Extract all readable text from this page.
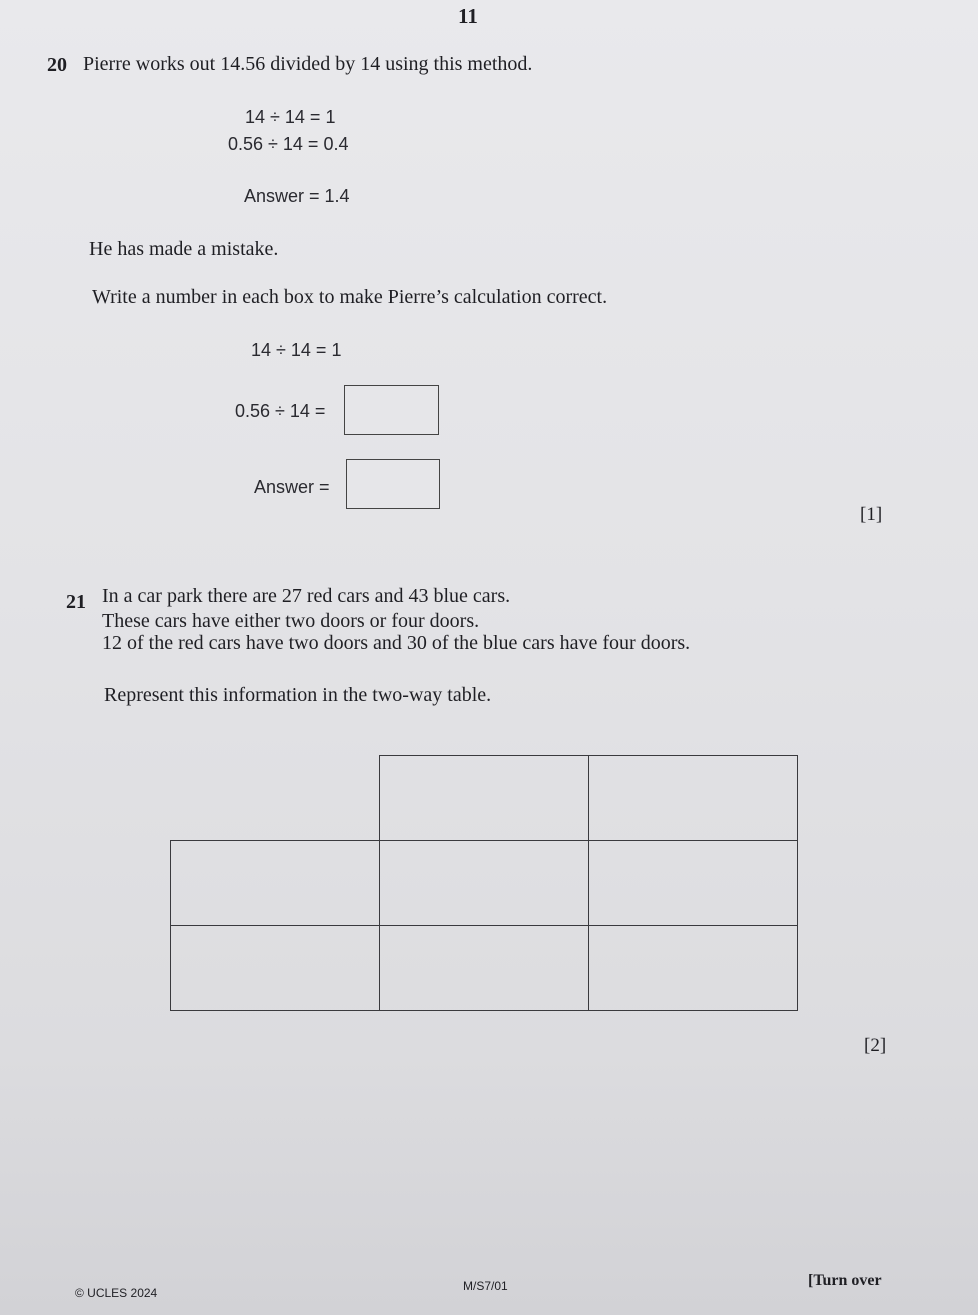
11
20 Pierre works out 14.56 divided by 14 using this method.
14 ÷ 14 = 1
0.56 ÷ 14 = 0.4
Answer = 1.4
He has made a mistake.
Write a number in each box to make Pierre’s calculation correct.
14 ÷ 14 = 1
0.56 ÷ 14 =
Answer =
[1]
21 In a car park there are 27 red cars and 43 blue cars.
These cars have either two doors or four doors.
12 of the red cars have two doors and 30 of the blue cars have four doors.
Represent this information in the two-way table.

[2]
© UCLES 2024	M/S7/01	[Turn over
